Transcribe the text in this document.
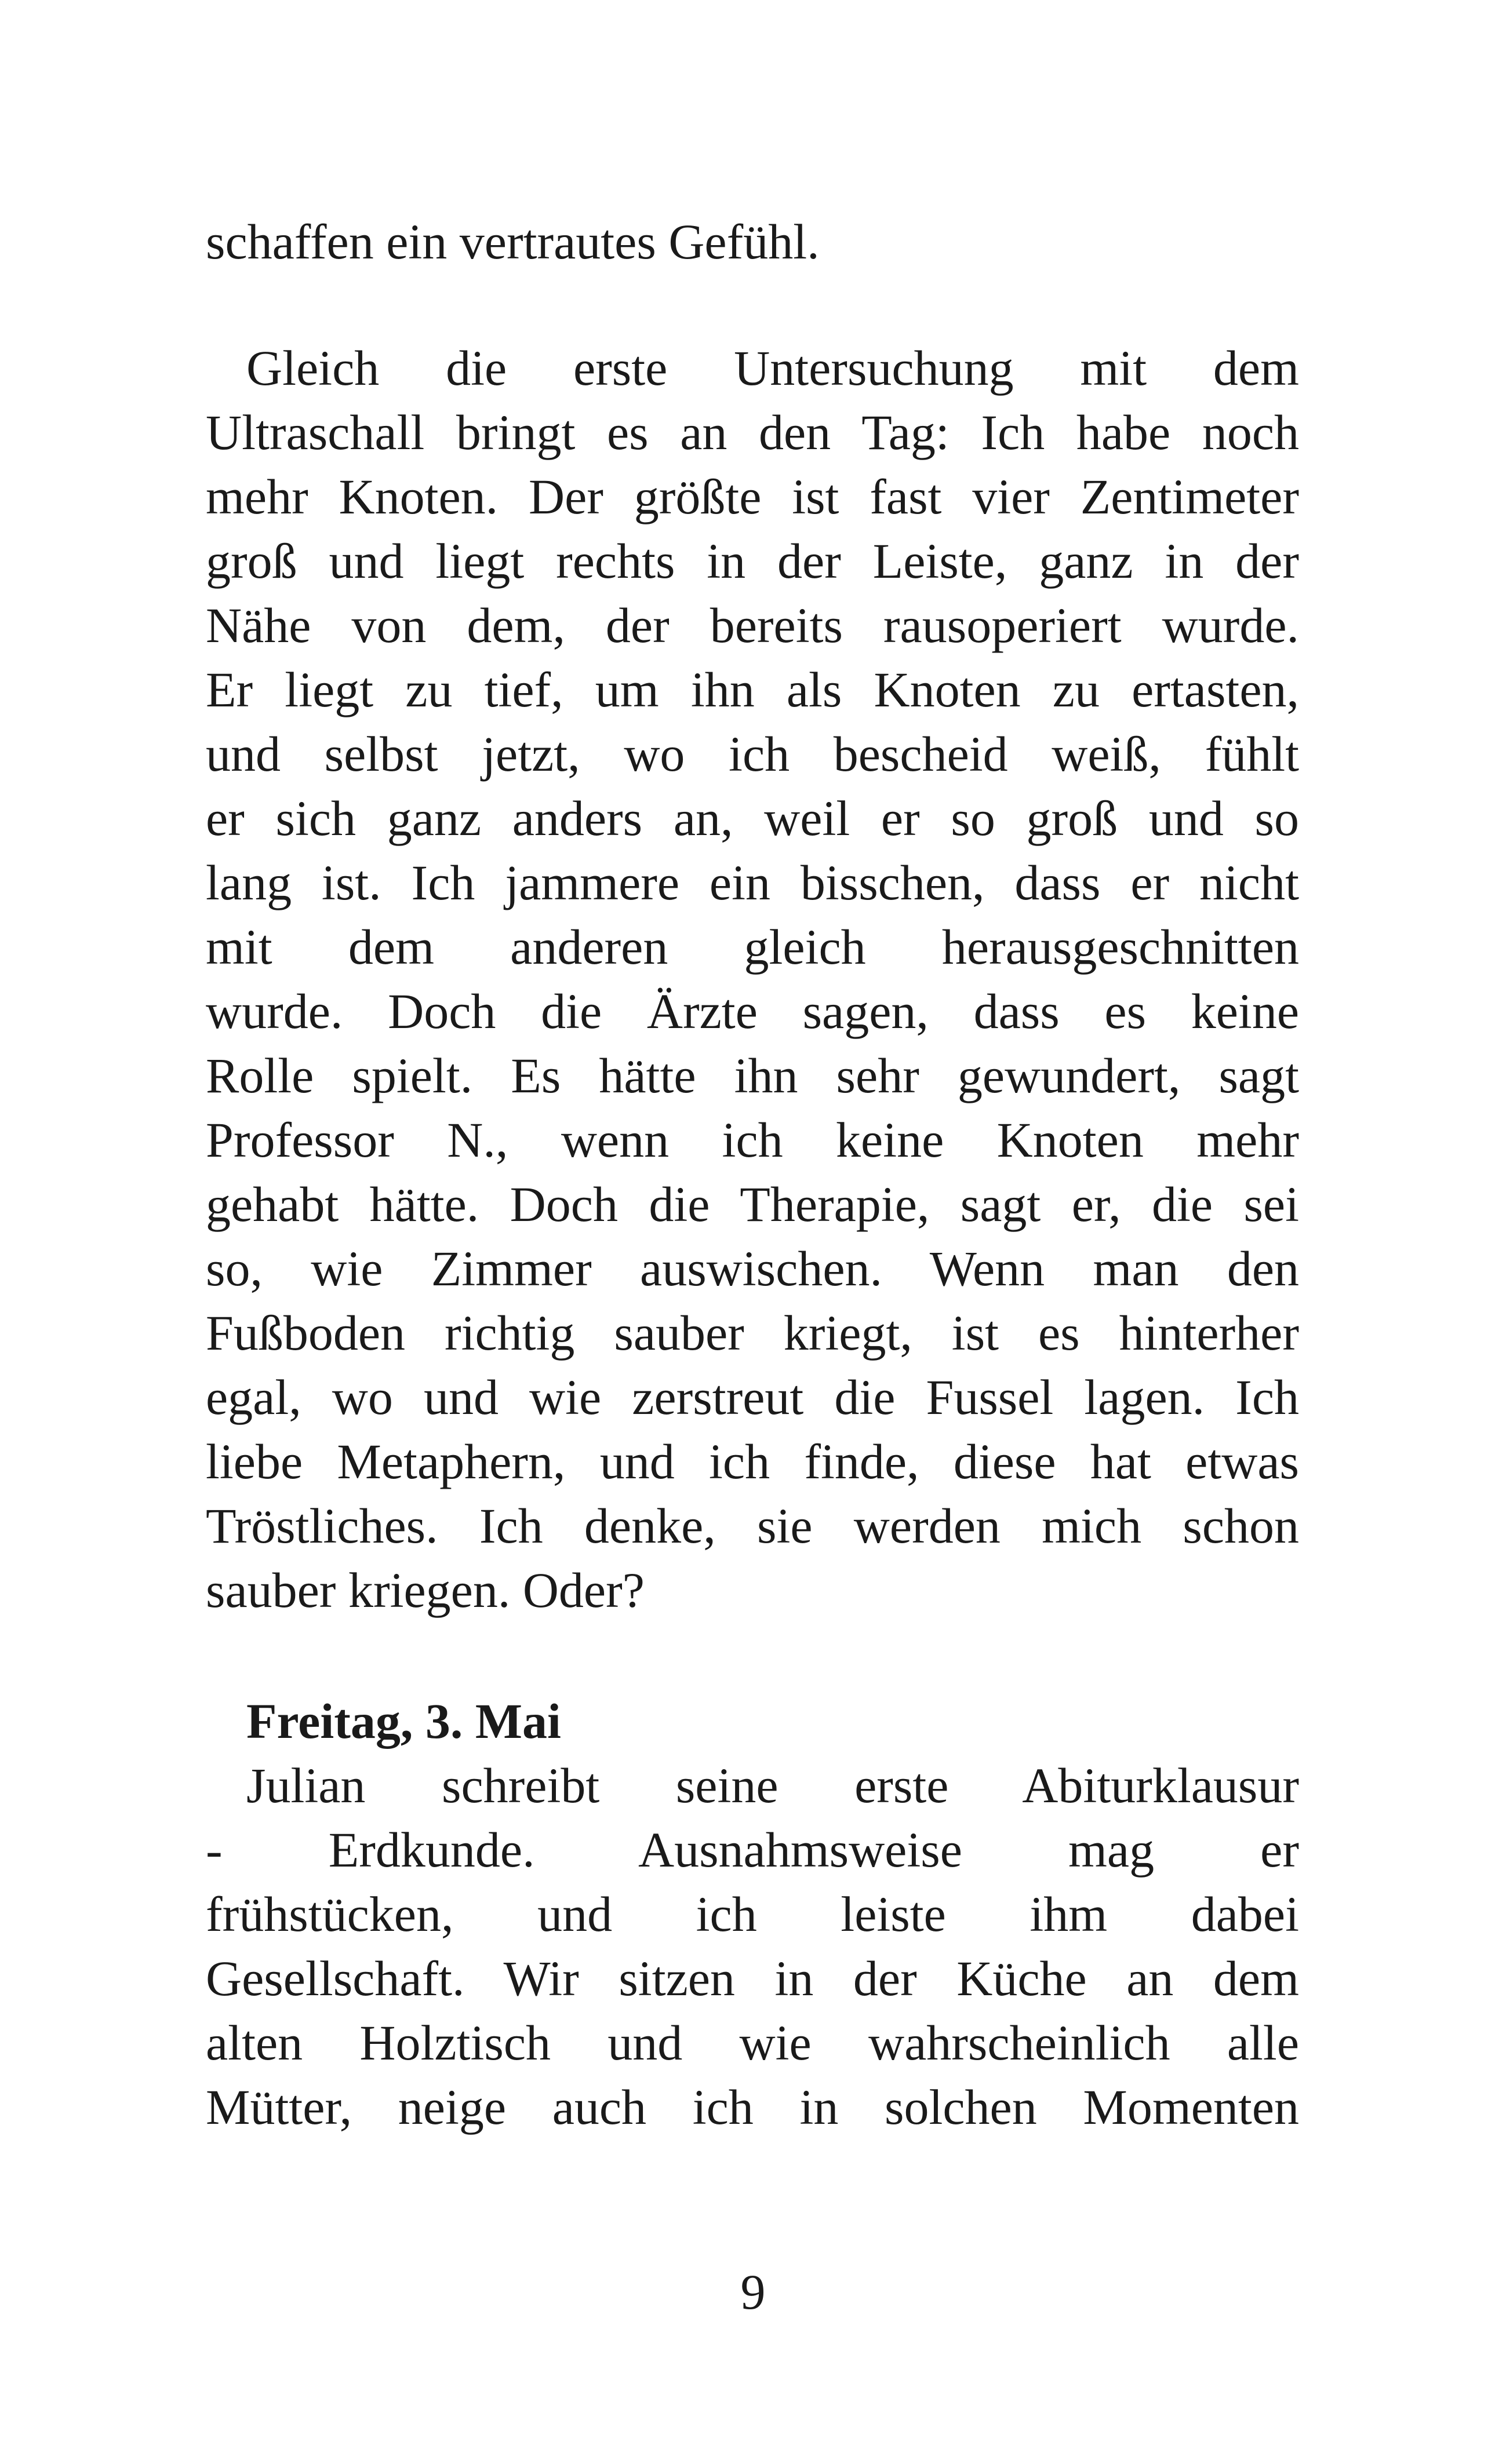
schaffen ein vertrautes Gefühl.
Gleich die erste Untersuchung mit dem
Ultraschall bringt es an den Tag: Ich habe noch
mehr Knoten. Der größte ist fast vier Zentimeter
groß und liegt rechts in der Leiste, ganz in der
Nähe von dem, der bereits rausoperiert wurde.
Er liegt zu tief, um ihn als Knoten zu ertasten,
und selbst jetzt, wo ich bescheid weiß, fühlt
er sich ganz anders an, weil er so groß und so
lang ist. Ich jammere ein bisschen, dass er nicht
mit dem anderen gleich herausgeschnitten
wurde. Doch die Ärzte sagen, dass es keine
Rolle spielt. Es hätte ihn sehr gewundert, sagt
Professor N., wenn ich keine Knoten mehr
gehabt hätte. Doch die Therapie, sagt er, die sei
so, wie Zimmer auswischen. Wenn man den
Fußboden richtig sauber kriegt, ist es hinterher
egal, wo und wie zerstreut die Fussel lagen. Ich
liebe Metaphern, und ich finde, diese hat etwas
Tröstliches. Ich denke, sie werden mich schon
sauber kriegen. Oder?
Freitag, 3. Mai
Julian schreibt seine erste Abiturklausur
- Erdkunde. Ausnahmsweise mag er
frühstücken, und ich leiste ihm dabei
Gesellschaft. Wir sitzen in der Küche an dem
alten Holztisch und wie wahrscheinlich alle
Mütter, neige auch ich in solchen Momenten
9
